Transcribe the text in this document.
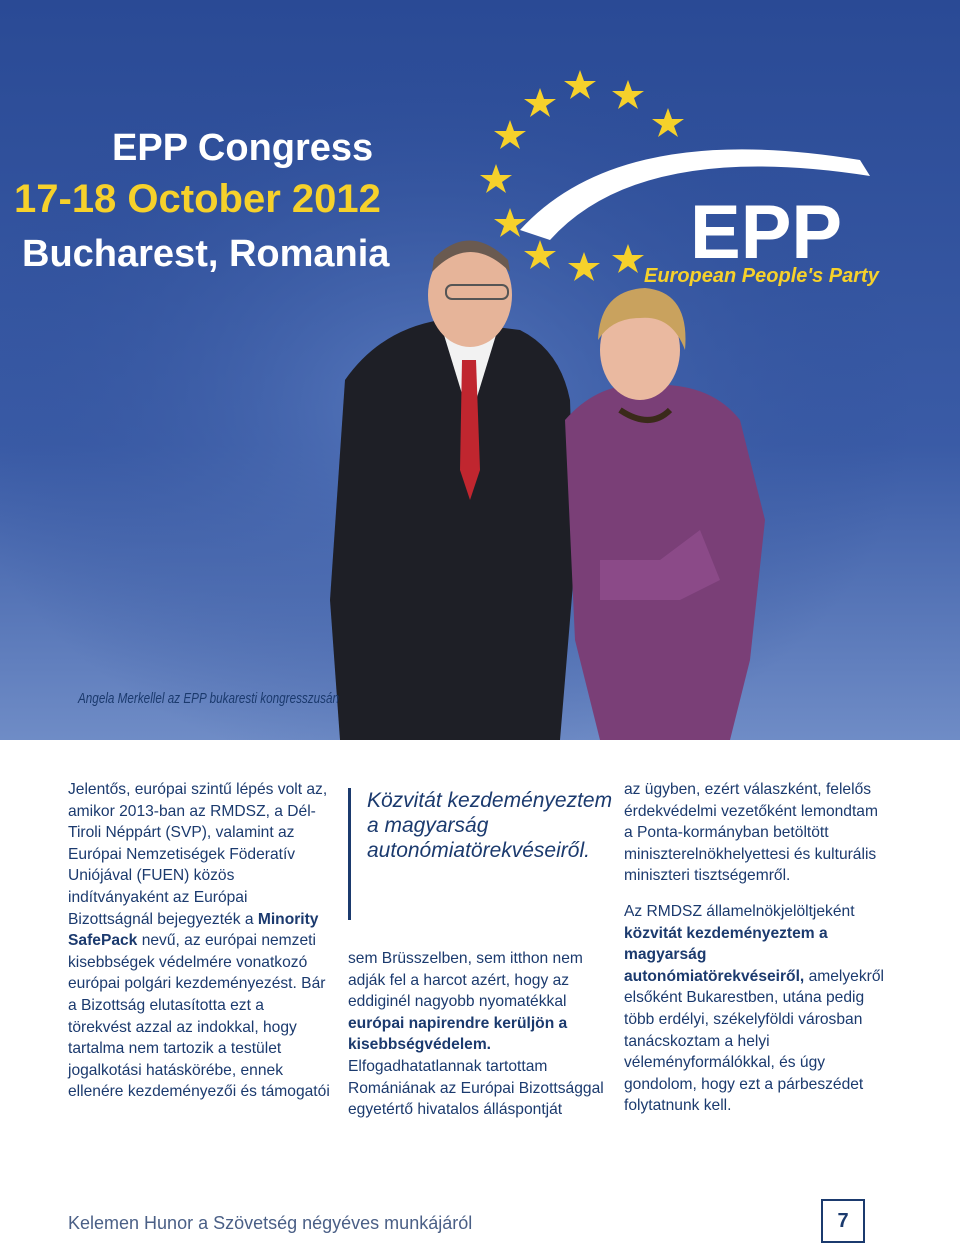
EPP Congress
17-18 October 2012
Bucharest, Romania	EPP
European People's Party
Angela Merkellel az EPP bukaresti kongresszusán

Jelentős, európai szintű lépés volt az, amikor 2013-ban az RMDSZ, a Dél-Tiroli Néppárt (SVP), valamint az Európai Nemzetiségek Föderatív Uniójával (FUEN) közös indítványaként az Európai Bizottságnál bejegyezték a Minority SafePack nevű, az európai nemzeti kisebbségek védelmére vonatkozó európai polgári kezdeményezést. Bár a Bizottság elutasította ezt a törekvést azzal az indokkal, hogy tartalma nem tartozik a testület jogalkotási hatáskörébe, ennek ellenére kezdeményezői és támogatói

Közvitát kezdeményeztem a magyarság autonómiatörekvéseiről.

sem Brüsszelben, sem itthon nem adják fel a harcot azért, hogy az eddiginél nagyobb nyomatékkal európai napirendre kerüljön a kisebbségvédelem. Elfogadhatatlannak tartottam Romániának az Európai Bizottsággal egyetértő hivatalos álláspontját

az ügyben, ezért válaszként, felelős érdekvédelmi vezetőként lemondtam a Ponta-kormányban betöltött miniszterelnökhelyettesi és kulturális miniszteri tisztségemről.

Az RMDSZ államelnökjelöltjeként közvitát kezdeményeztem a magyarság autonómiatörekvéseiről, amelyekről elsőként Bukarestben, utána pedig több erdélyi, székelyföldi városban tanácskoztam a helyi véleményformálókkal, és úgy gondolom, hogy ezt a párbeszédet folytatnunk kell.

Kelemen Hunor a Szövetség négyéves munkájáról	7
